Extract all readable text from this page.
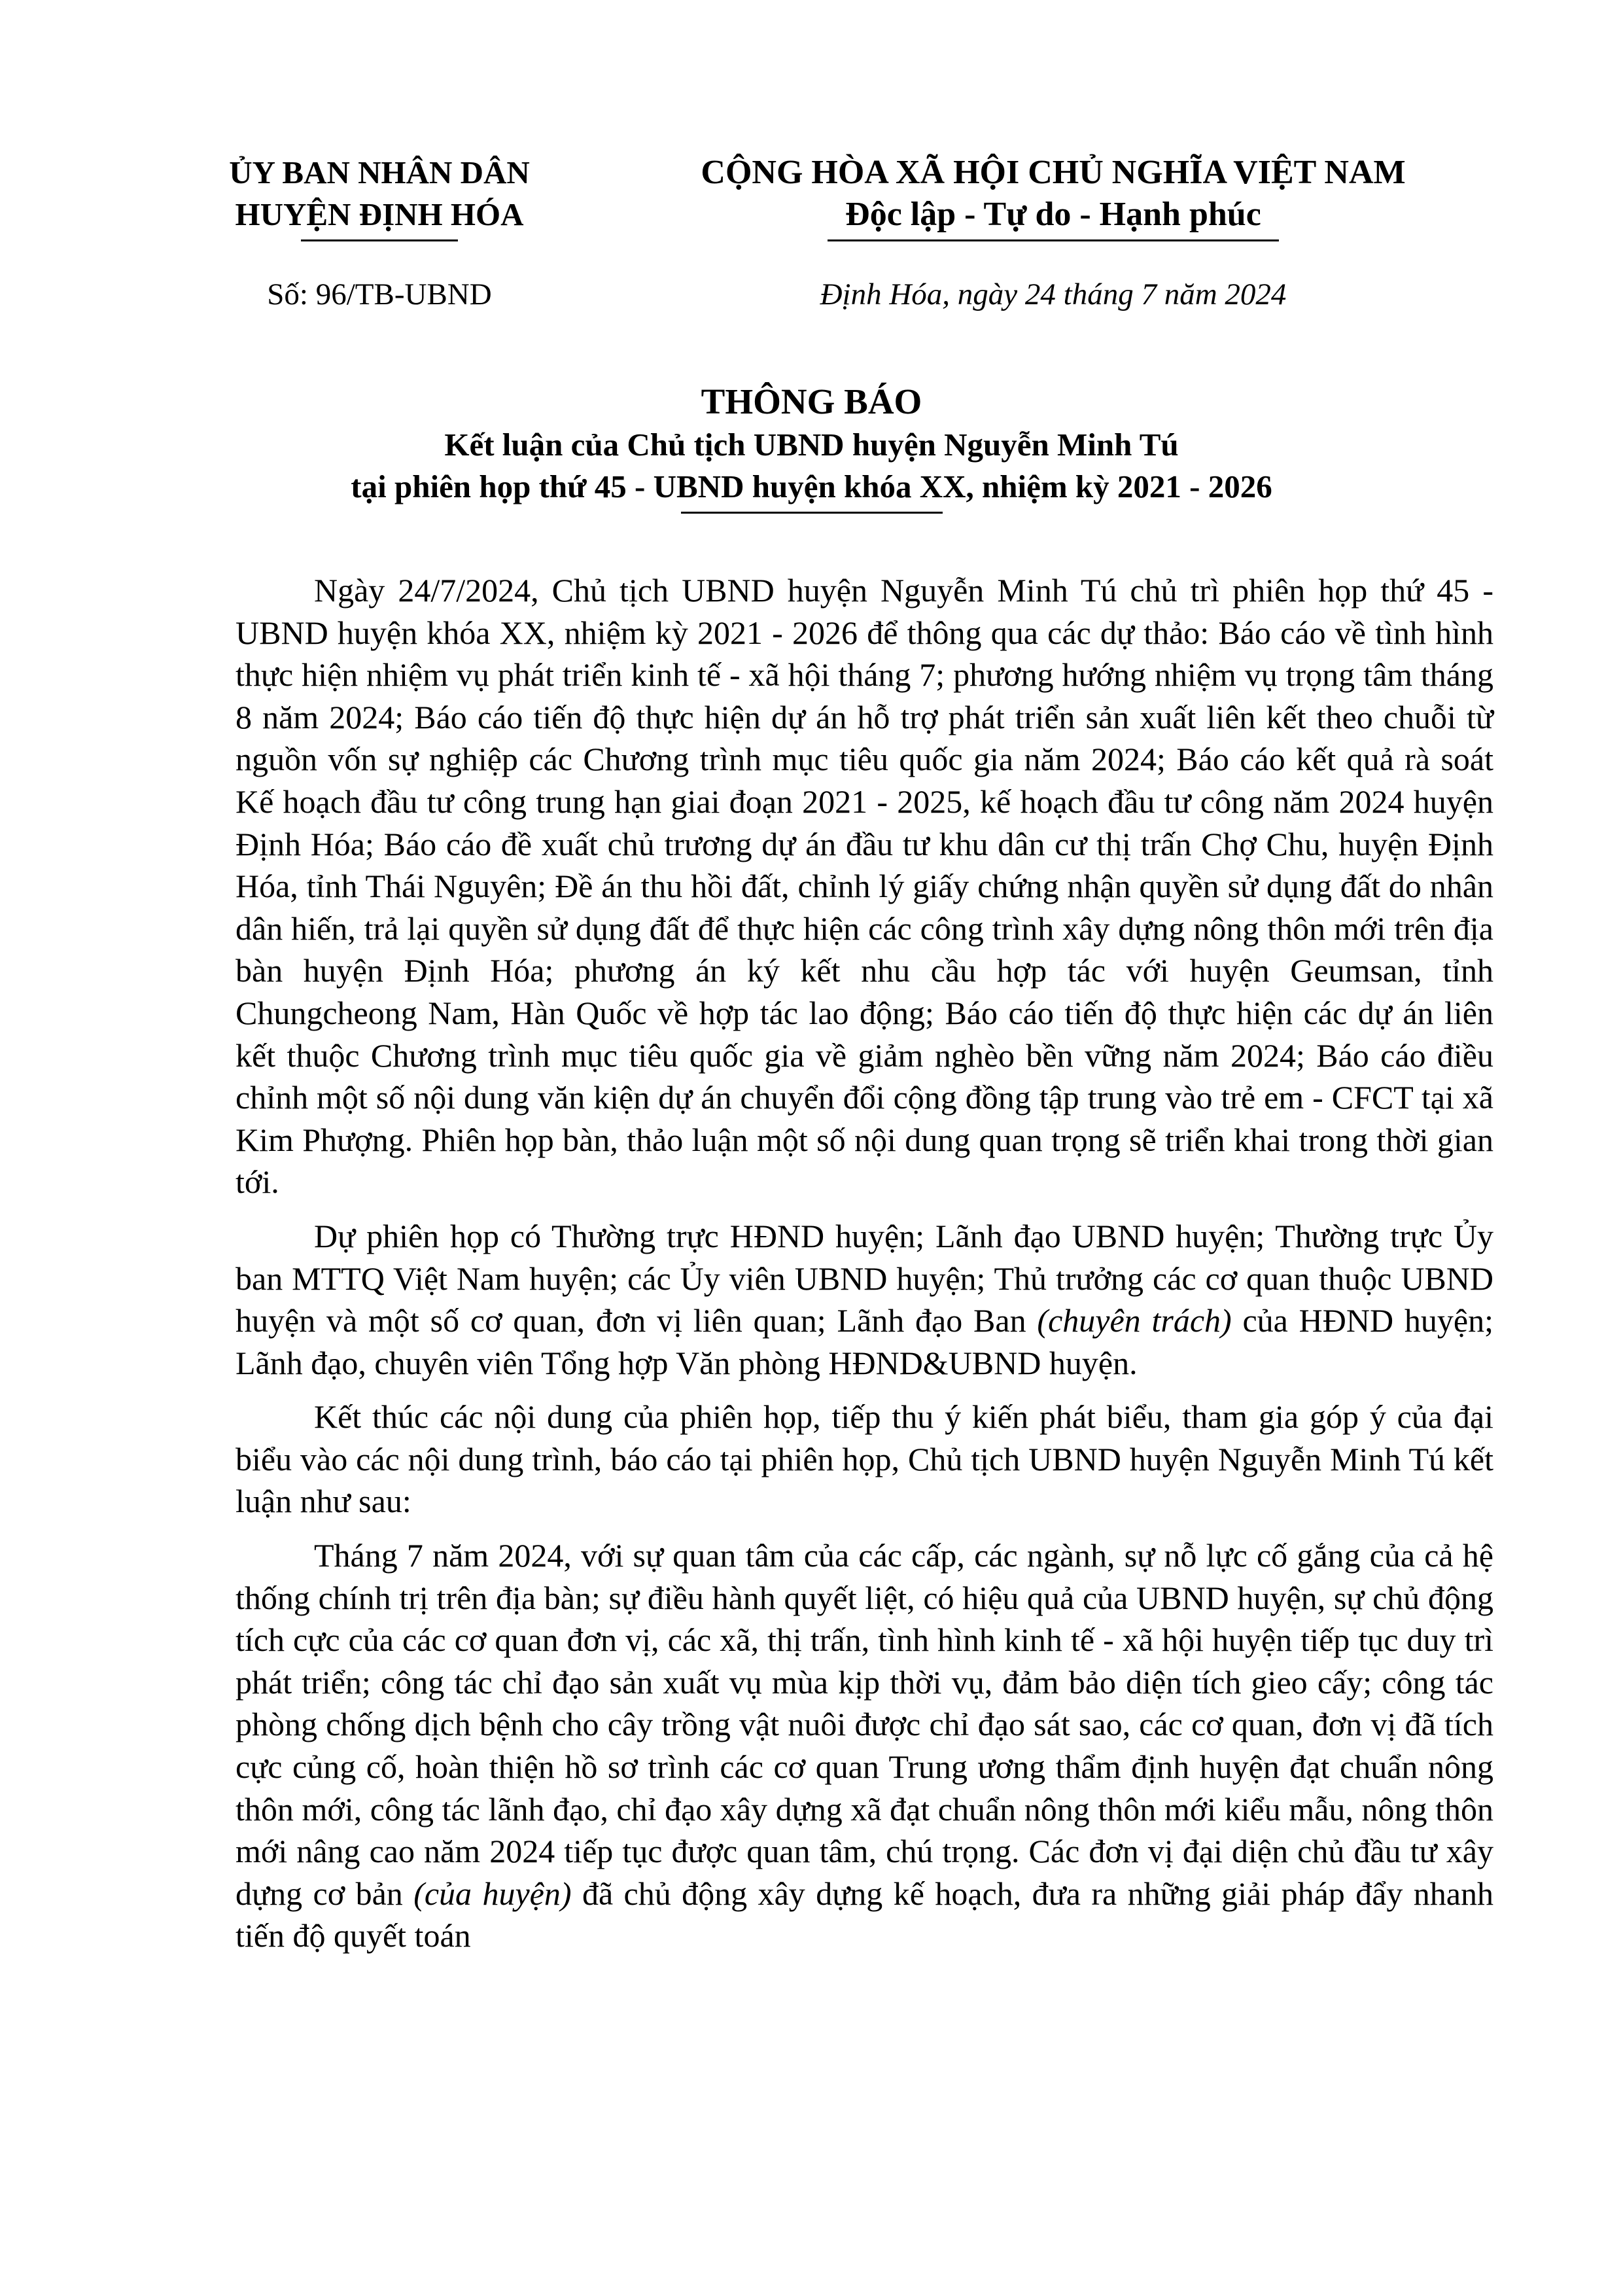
ỦY BAN NHÂN DÂN
HUYỆN ĐỊNH HÓA
CỘNG HÒA XÃ HỘI CHỦ NGHĨA VIỆT NAM
Độc lập - Tự do - Hạnh phúc
Số: 96/TB-UBND	Định Hóa, ngày 24 tháng 7 năm 2024
THÔNG BÁO
Kết luận của Chủ tịch UBND huyện Nguyễn Minh Tú
tại phiên họp thứ 45 - UBND huyện khóa XX, nhiệm kỳ 2021 - 2026

Ngày 24/7/2024, Chủ tịch UBND huyện Nguyễn Minh Tú chủ trì phiên họp thứ 45 - UBND huyện khóa XX, nhiệm kỳ 2021 - 2026 để thông qua các dự thảo: Báo cáo về tình hình thực hiện nhiệm vụ phát triển kinh tế - xã hội tháng 7; phương hướng nhiệm vụ trọng tâm tháng 8 năm 2024; Báo cáo tiến độ thực hiện dự án hỗ trợ phát triển sản xuất liên kết theo chuỗi từ nguồn vốn sự nghiệp các Chương trình mục tiêu quốc gia năm 2024; Báo cáo kết quả rà soát Kế hoạch đầu tư công trung hạn giai đoạn 2021 - 2025, kế hoạch đầu tư công năm 2024 huyện Định Hóa; Báo cáo đề xuất chủ trương dự án đầu tư khu dân cư thị trấn Chợ Chu, huyện Định Hóa, tỉnh Thái Nguyên; Đề án thu hồi đất, chỉnh lý giấy chứng nhận quyền sử dụng đất do nhân dân hiến, trả lại quyền sử dụng đất để thực hiện các công trình xây dựng nông thôn mới trên địa bàn huyện Định Hóa; phương án ký kết nhu cầu hợp tác với huyện Geumsan, tỉnh Chungcheong Nam, Hàn Quốc về hợp tác lao động; Báo cáo tiến độ thực hiện các dự án liên kết thuộc Chương trình mục tiêu quốc gia về giảm nghèo bền vững năm 2024; Báo cáo điều chỉnh một số nội dung văn kiện dự án chuyển đổi cộng đồng tập trung vào trẻ em - CFCT tại xã Kim Phượng. Phiên họp bàn, thảo luận một số nội dung quan trọng sẽ triển khai trong thời gian tới.

Dự phiên họp có Thường trực HĐND huyện; Lãnh đạo UBND huyện; Thường trực Ủy ban MTTQ Việt Nam huyện; các Ủy viên UBND huyện; Thủ trưởng các cơ quan thuộc UBND huyện và một số cơ quan, đơn vị liên quan; Lãnh đạo Ban (chuyên trách) của HĐND huyện; Lãnh đạo, chuyên viên Tổng hợp Văn phòng HĐND&UBND huyện.

Kết thúc các nội dung của phiên họp, tiếp thu ý kiến phát biểu, tham gia góp ý của đại biểu vào các nội dung trình, báo cáo tại phiên họp, Chủ tịch UBND huyện Nguyễn Minh Tú kết luận như sau:

Tháng 7 năm 2024, với sự quan tâm của các cấp, các ngành, sự nỗ lực cố gắng của cả hệ thống chính trị trên địa bàn; sự điều hành quyết liệt, có hiệu quả của UBND huyện, sự chủ động tích cực của các cơ quan đơn vị, các xã, thị trấn, tình hình kinh tế - xã hội huyện tiếp tục duy trì phát triển; công tác chỉ đạo sản xuất vụ mùa kịp thời vụ, đảm bảo diện tích gieo cấy; công tác phòng chống dịch bệnh cho cây trồng vật nuôi được chỉ đạo sát sao, các cơ quan, đơn vị đã tích cực củng cố, hoàn thiện hồ sơ trình các cơ quan Trung ương thẩm định huyện đạt chuẩn nông thôn mới, công tác lãnh đạo, chỉ đạo xây dựng xã đạt chuẩn nông thôn mới kiểu mẫu, nông thôn mới nâng cao năm 2024 tiếp tục được quan tâm, chú trọng. Các đơn vị đại diện chủ đầu tư xây dựng cơ bản (của huyện) đã chủ động xây dựng kế hoạch, đưa ra những giải pháp đẩy nhanh tiến độ quyết toán
